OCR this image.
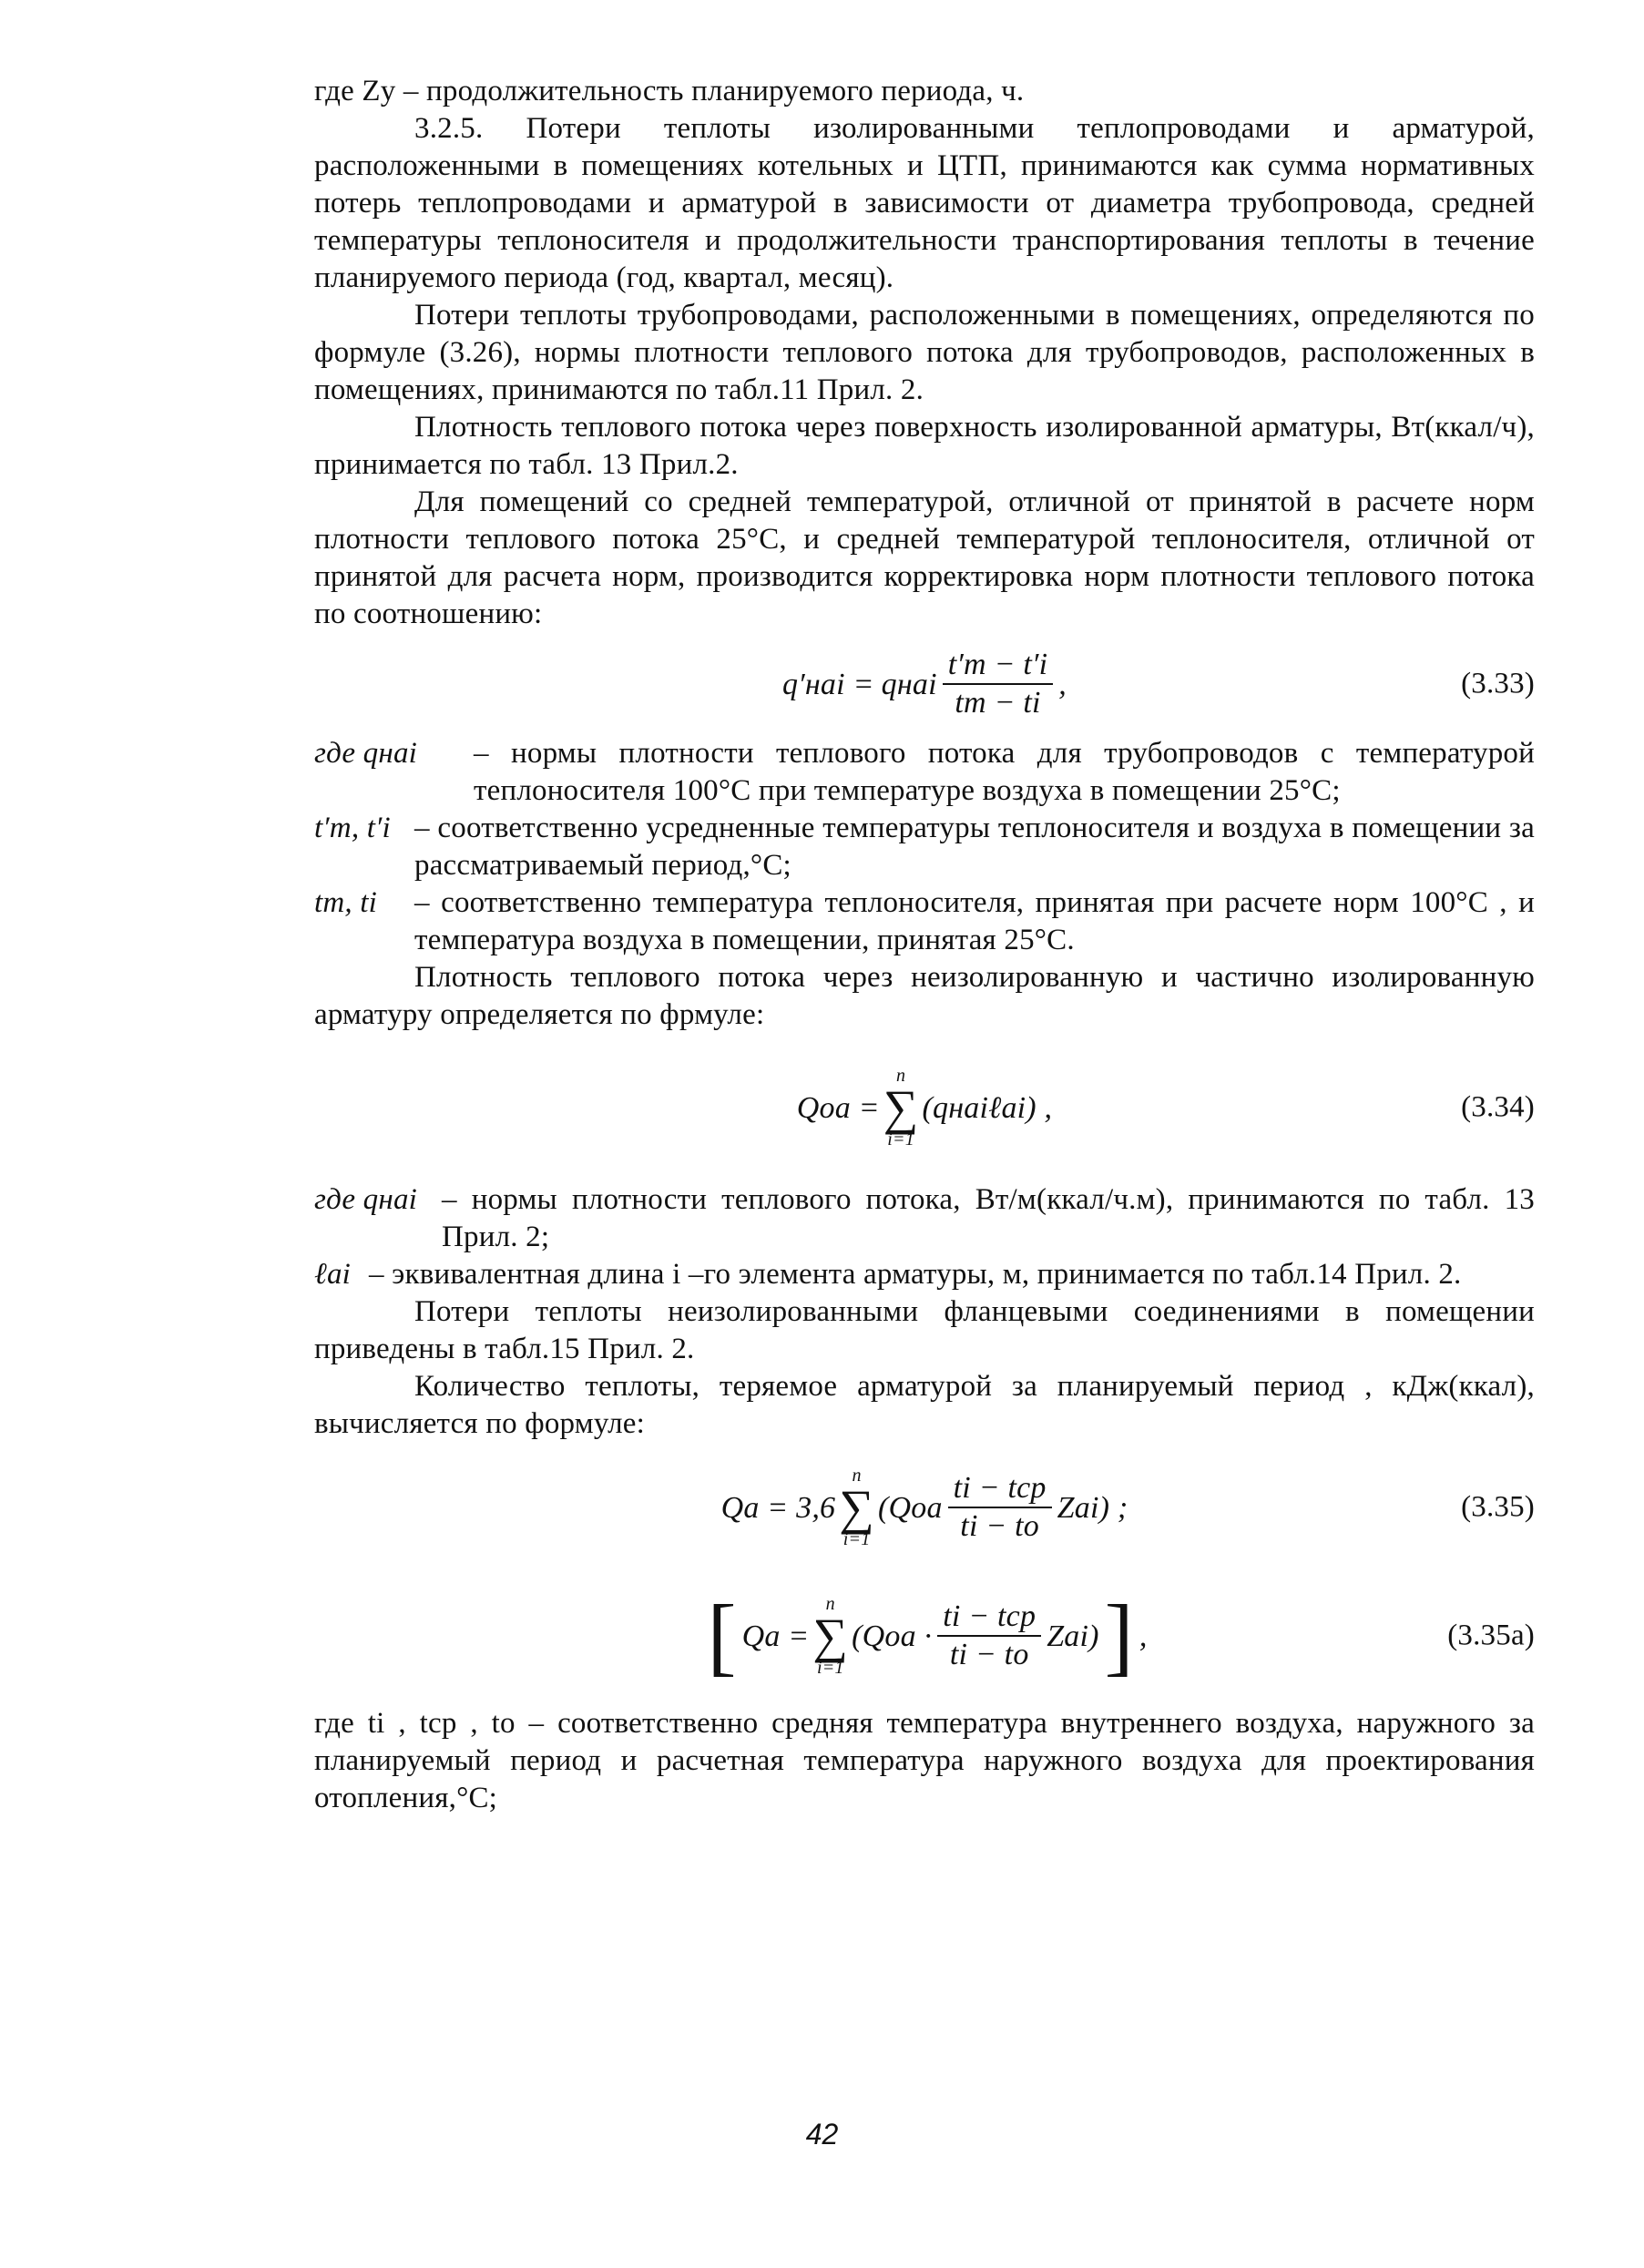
где Zy – продолжительность планируемого периода, ч.

3.2.5. Потери теплоты изолированными теплопроводами и арматурой, расположенными в помещениях котельных и ЦТП, принимаются как сумма нормативных потерь теплопроводами и арматурой в зависимости от диаметра трубопровода, средней температуры теплоносителя и продолжительности транспортирования теплоты в течение планируемого периода (год, квартал, месяц).

Потери теплоты трубопроводами, расположенными в помещениях, определяются по формуле (3.26), нормы плотности теплового потока для трубопроводов, расположенных в помещениях, принимаются по табл.11 Прил. 2.

Плотность теплового потока через поверхность изолированной арматуры, Вт(ккал/ч), принимается по табл. 13 Прил.2.

Для помещений со средней температурой, отличной от принятой в расчете норм плотности теплового потока 25°С, и средней температурой теплоносителя, отличной от принятой для расчета норм, производится корректировка норм плотности теплового потока по соотношению:

q′нai = qнai $\frac{t'm - t'i}{tm - ti}$ ,	(3.33)

где qнai	– нормы плотности теплового потока для трубопроводов с температурой теплоносителя 100°С при температуре воздуха в помещении 25°С;

t′m, t′i – соответственно усредненные температуры теплоносителя и воздуха в помещении за рассматриваемый период,°С;

tm, ti	– соответственно температура теплоносителя, принятая при расчете норм 100°С , и температура воздуха в помещении, принятая 25°С.

Плотность теплового потока через неизолированную и частично изолированную арматуру определяется по фрмуле:

Qoa =
n
∑
i=1
(qнaiℓai) ,	(3.34)

где qнai – нормы плотности теплового потока, Вт/м(ккал/ч.м), принимаются по табл. 13 Прил. 2;

ℓai – эквивалентная длина i –го элемента арматуры, м, принимается по табл.14 Прил. 2.

Потери теплоты неизолированными фланцевыми соединениями в помещении приведены в табл.15 Прил. 2.

Количество теплоты, теряемое арматурой за планируемый период , кДж(ккал), вычисляется по формуле:

Qa = 3,6
n
∑
i=1
$(Qoa \frac{\text{ti − tср}}{ti - to} Zai)$ ;	(3.35)
[ Qa =
n
∑
i=1
$(Qoa \cdot \frac{\text{ti − tср}}{ti - to} Zai)$ ] ,	(3.35a)

где ti , tср , to – соответственно средняя температура внутреннего воздуха, наружного за планируемый период и расчетная температура наружного воздуха для проектирования отопления,°С;

42
